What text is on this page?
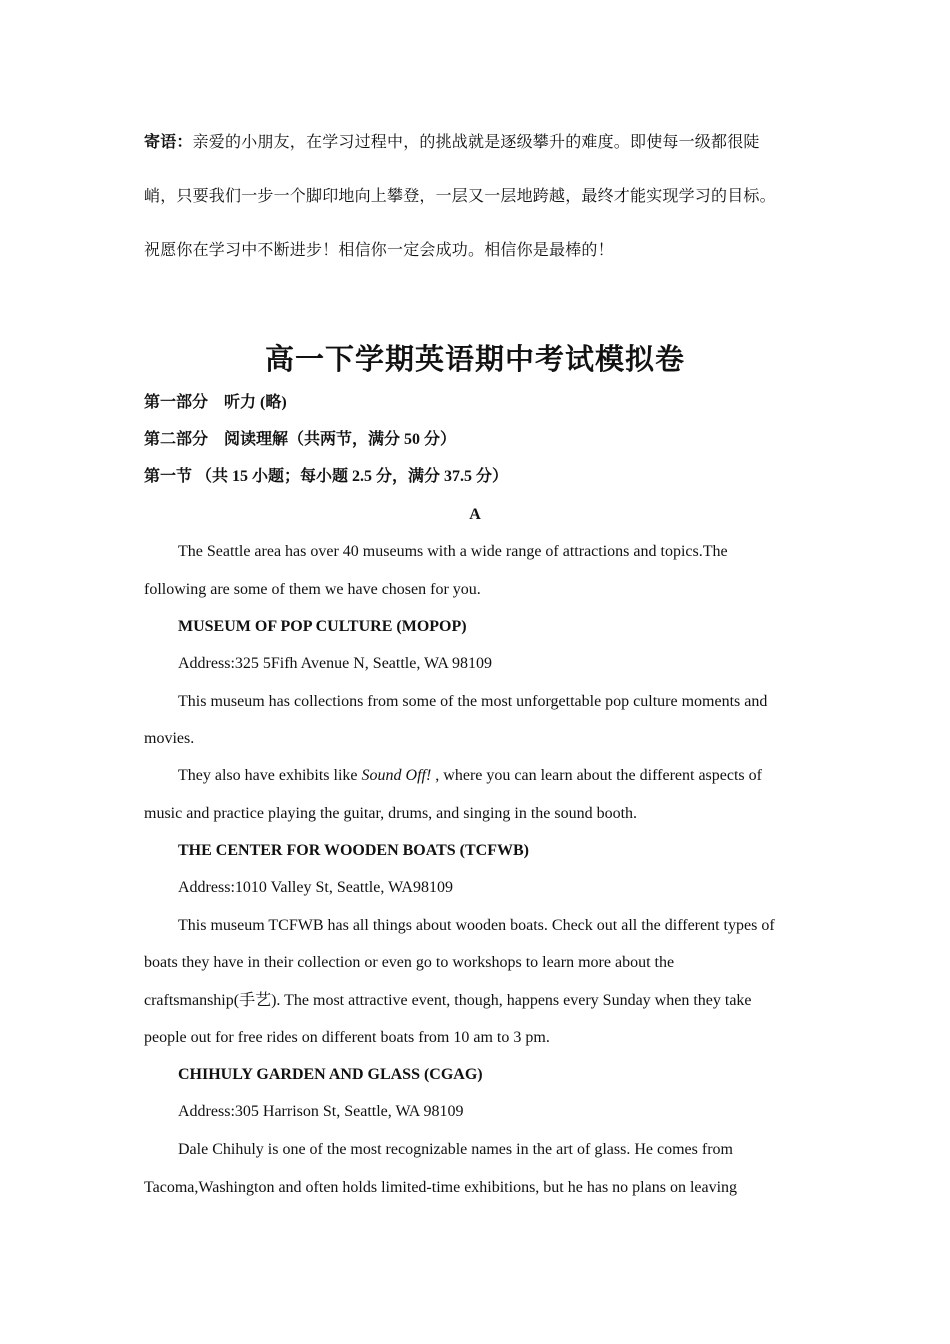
寄语：亲爱的小朋友，在学习过程中，的挑战就是逐级攀升的难度。即使每一级都很陡
峭，只要我们一步一个脚印地向上攀登，一层又一层地跨越，最终才能实现学习的目标。
祝愿你在学习中不断进步！相信你一定会成功。相信你是最棒的！
高一下学期英语期中考试模拟卷
第一部分　听力 (略)
第二部分　阅读理解（共两节，满分 50 分）
第一节 （共 15 小题；每小题 2.5 分，满分 37.5 分）
A
The Seattle area has over 40 museums with a wide range of attractions and topics.The
following are some of them we have chosen for you.
MUSEUM OF POP CULTURE (MOPOP)
Address:325 5Fifh Avenue N, Seattle, WA 98109
This museum has collections from some of the most unforgettable pop culture moments and
movies.
They also have exhibits like Sound Off! , where you can learn about the different aspects of
music and practice playing the guitar, drums, and singing in the sound booth.
THE CENTER FOR WOODEN BOATS (TCFWB)
Address:1010 Valley St, Seattle, WA98109
This museum TCFWB has all things about wooden boats. Check out all the different types of
boats they have in their collection or even go to workshops to learn more about the
craftsmanship(手艺). The most attractive event, though, happens every Sunday when they take
people out for free rides on different boats from 10 am to 3 pm.
CHIHULY GARDEN AND GLASS (CGAG)
Address:305 Harrison St, Seattle, WA 98109
Dale Chihuly is one of the most recognizable names in the art of glass. He comes from
Tacoma,Washington and often holds limited-time exhibitions, but he has no plans on leaving
